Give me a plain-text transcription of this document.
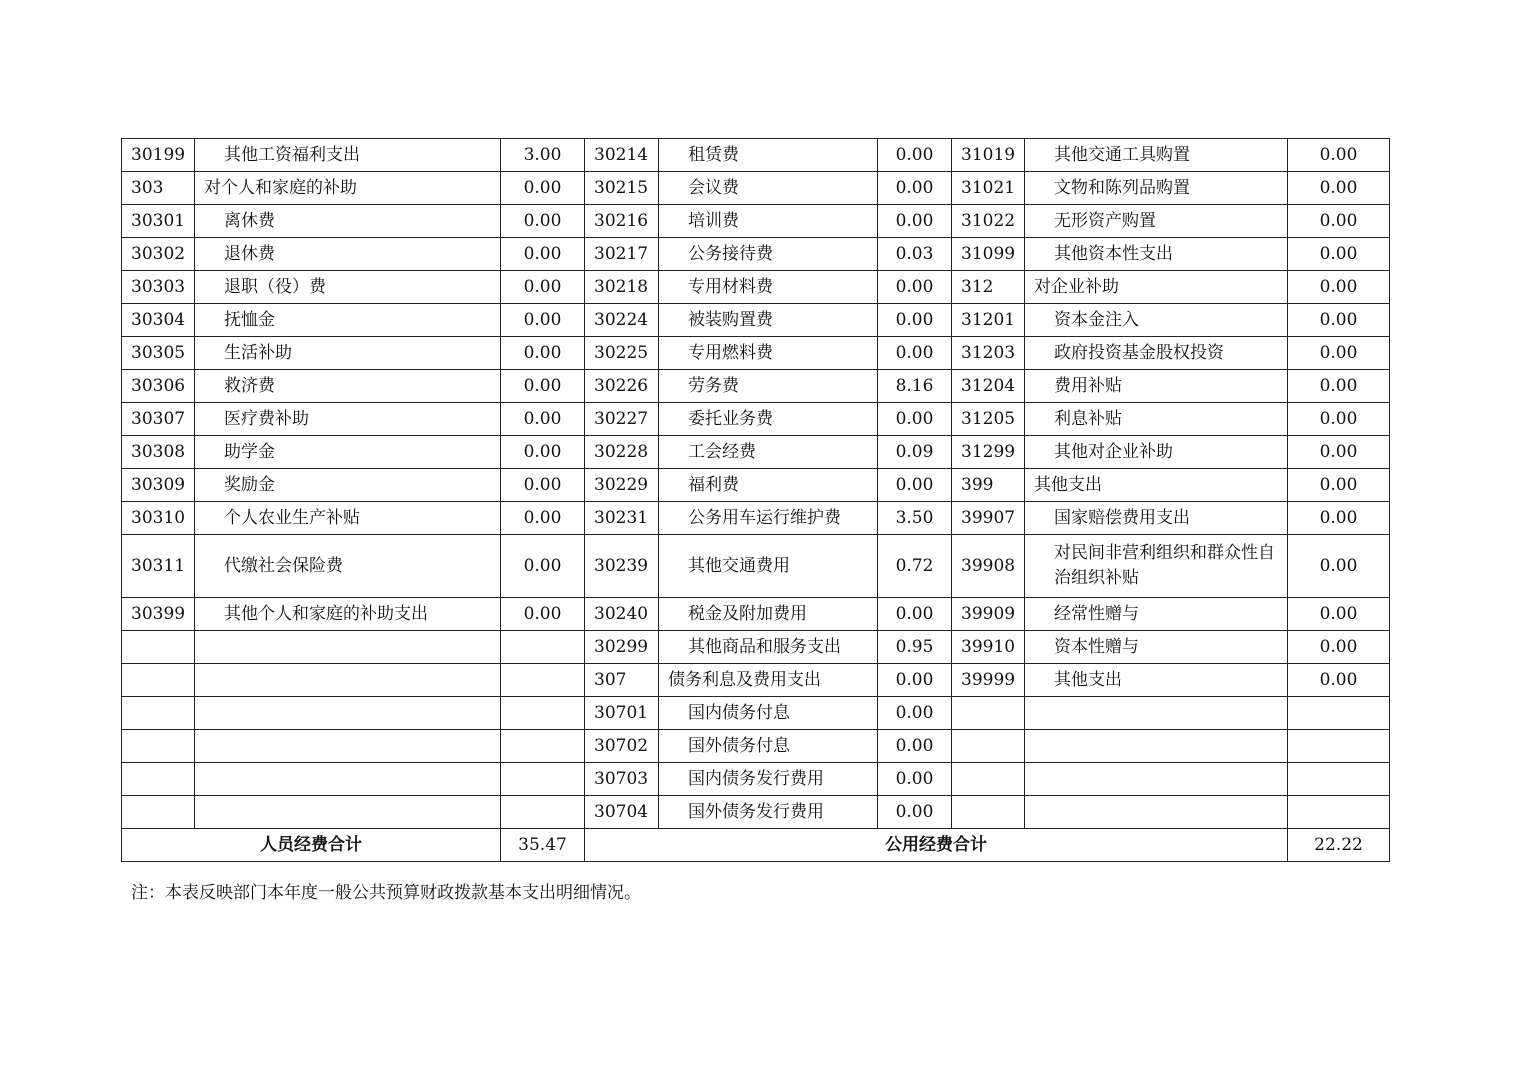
30199	其他工资福利支出	3.00	30214	租赁费	0.00	31019	其他交通工具购置	0.00
303	对个人和家庭的补助	0.00	30215	会议费	0.00	31021	文物和陈列品购置	0.00
30301	离休费	0.00	30216	培训费	0.00	31022	无形资产购置	0.00
30302	退休费	0.00	30217	公务接待费	0.03	31099	其他资本性支出	0.00
30303	退职（役）费	0.00	30218	专用材料费	0.00	312	对企业补助	0.00
30304	抚恤金	0.00	30224	被装购置费	0.00	31201	资本金注入	0.00
30305	生活补助	0.00	30225	专用燃料费	0.00	31203	政府投资基金股权投资	0.00
30306	救济费	0.00	30226	劳务费	8.16	31204	费用补贴	0.00
30307	医疗费补助	0.00	30227	委托业务费	0.00	31205	利息补贴	0.00
30308	助学金	0.00	30228	工会经费	0.09	31299	其他对企业补助	0.00
30309	奖励金	0.00	30229	福利费	0.00	399	其他支出	0.00
30310	个人农业生产补贴	0.00	30231	公务用车运行维护费	3.50	39907	国家赔偿费用支出	0.00
30311	代缴社会保险费	0.00	30239	其他交通费用	0.72	39908	对民间非营利组织和群众性自治组织补贴	0.00
30399	其他个人和家庭的补助支出	0.00	30240	税金及附加费用	0.00	39909	经常性赠与	0.00
			30299	其他商品和服务支出	0.95	39910	资本性赠与	0.00
			307	债务利息及费用支出	0.00	39999	其他支出	0.00
			30701	国内债务付息	0.00			
			30702	国外债务付息	0.00			
			30703	国内债务发行费用	0.00			
			30704	国外债务发行费用	0.00			
人员经费合计		35.47	公用经费合计					22.22
注：本表反映部门本年度一般公共预算财政拨款基本支出明细情况。
